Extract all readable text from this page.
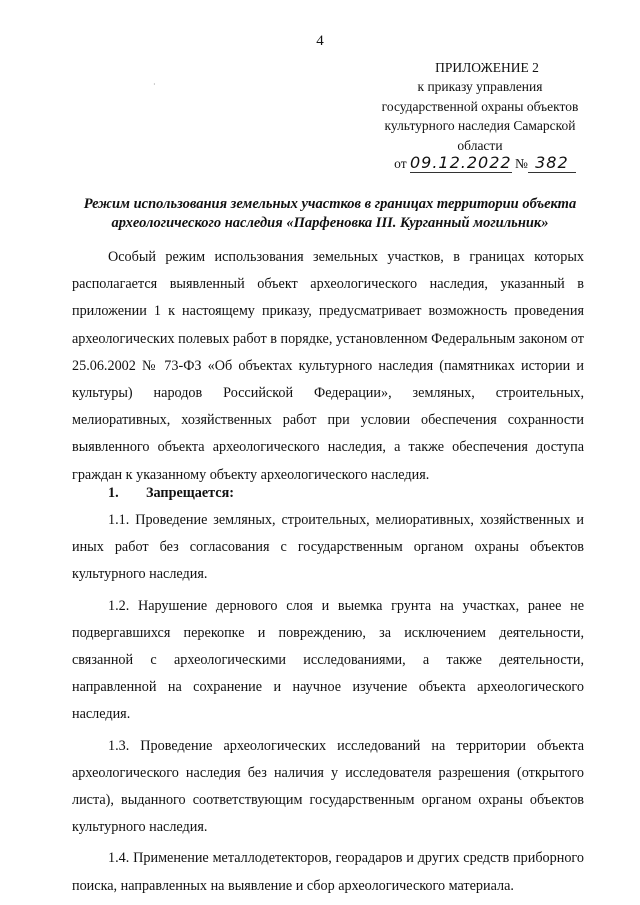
4
·
ПРИЛОЖЕНИЕ 2
к приказу управления
государственной охраны объектов
культурного наследия Самарской
области
от 09.12.2022 № 382
Режим использования земельных участков в границах территории объекта
археологического наследия «Парфеновка III. Курганный могильник»

Особый режим использования земельных участков, в границах которых располагается выявленный объект археологического наследия, указанный в приложении 1 к настоящему приказу, предусматривает возможность проведения археологических полевых работ в порядке, установленном Федеральным законом от 25.06.2002 № 73-ФЗ «Об объектах культурного наследия (памятниках истории и культуры) народов Российской Федерации», земляных, строительных, мелиоративных, хозяйственных работ при условии обеспечения сохранности выявленного объекта археологического наследия, а также обеспечения доступа граждан к указанному объекту археологического наследия.

1. Запрещается:

1.1. Проведение земляных, строительных, мелиоративных, хозяйственных и иных работ без согласования с государственным органом охраны объектов культурного наследия.

1.2. Нарушение дернового слоя и выемка грунта на участках, ранее не подвергавшихся перекопке и повреждению, за исключением деятельности, связанной с археологическими исследованиями, а также деятельности, направленной на сохранение и научное изучение объекта археологического наследия.

1.3. Проведение археологических исследований на территории объекта археологического наследия без наличия у исследователя разрешения (открытого листа), выданного соответствующим государственным органом охраны объектов культурного наследия.

1.4. Применение металлодетекторов, георадаров и других средств приборного поиска, направленных на выявление и сбор археологического материала.
